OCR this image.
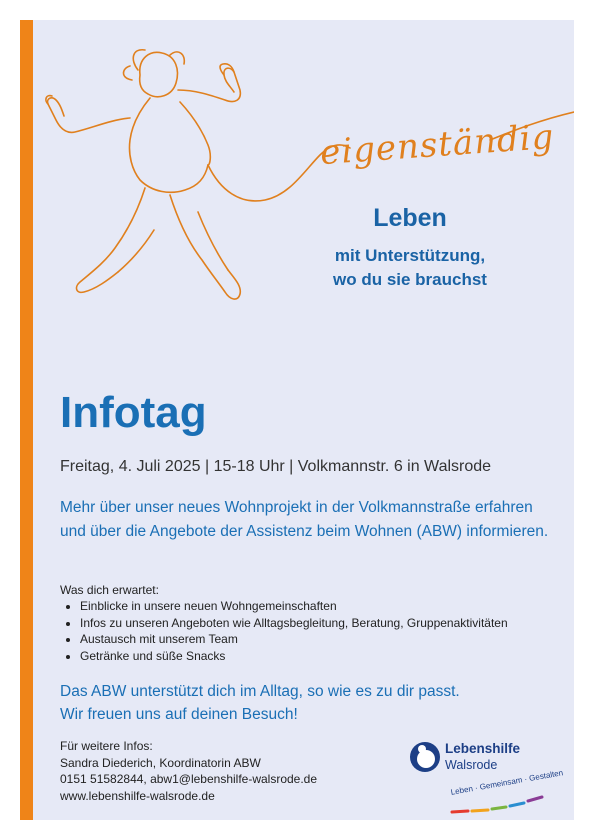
eigenständig
Leben
mit Unterstützung,
wo du sie brauchst
Infotag
Freitag, 4. Juli 2025 | 15-18 Uhr | Volkmannstr. 6 in Walsrode
Mehr über unser neues Wohnprojekt in der Volkmannstraße erfahren und über die Angebote der Assistenz beim Wohnen (ABW) informieren.
Was dich erwartet:
• Einblicke in unsere neuen Wohngemeinschaften
• Infos zu unseren Angeboten wie Alltagsbegleitung, Beratung, Gruppenaktivitäten
• Austausch mit unserem Team
• Getränke und süße Snacks
Das ABW unterstützt dich im Alltag, so wie es zu dir passt.
Wir freuen uns auf deinen Besuch!
Für weitere Infos:
Sandra Diederich, Koordinatorin ABW
0151 51582844, abw1@lebenshilfe-walsrode.de
www.lebenshilfe-walsrode.de
Lebenshilfe
Walsrode
Leben · Gemeinsam · Gestalten
